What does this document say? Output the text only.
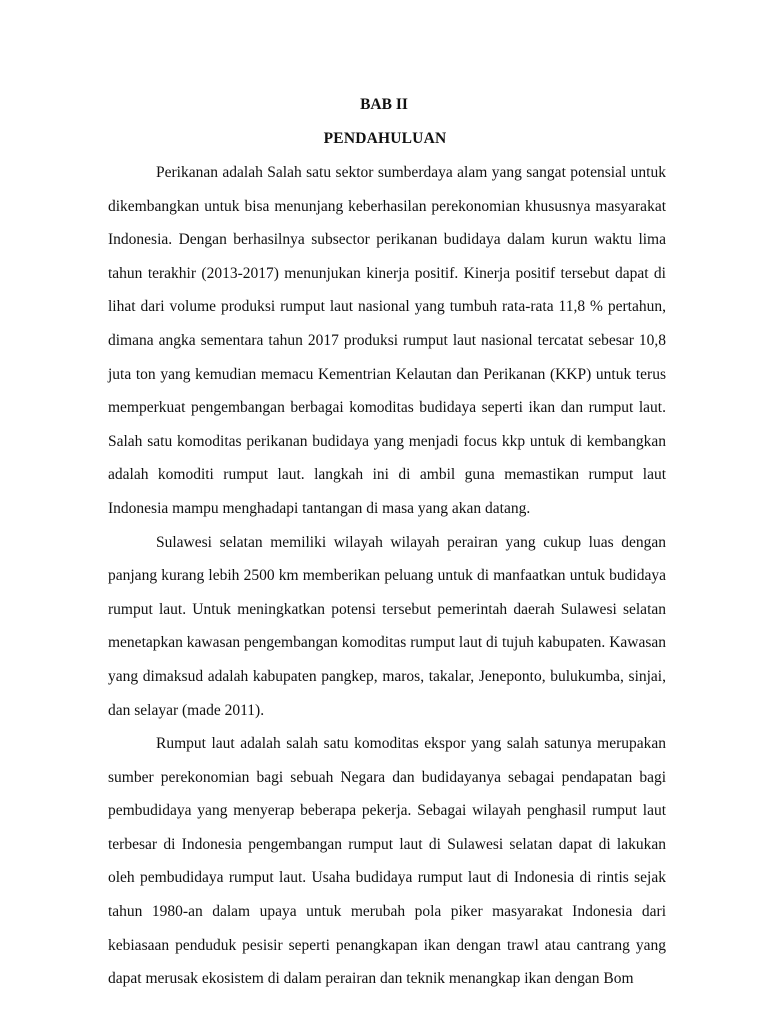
BAB II
PENDAHULUAN

Perikanan adalah Salah satu sektor sumberdaya alam yang sangat potensial untuk dikembangkan untuk bisa menunjang keberhasilan perekonomian khususnya masyarakat Indonesia. Dengan berhasilnya subsector perikanan budidaya dalam kurun waktu lima tahun terakhir (2013-2017) menunjukan kinerja positif. Kinerja positif tersebut dapat di lihat dari volume produksi rumput laut nasional yang tumbuh rata-rata 11,8 % pertahun, dimana angka sementara tahun 2017 produksi rumput laut nasional tercatat sebesar 10,8 juta ton yang kemudian memacu Kementrian Kelautan dan Perikanan (KKP) untuk terus memperkuat pengembangan berbagai komoditas budidaya seperti ikan dan rumput laut. Salah satu komoditas perikanan budidaya yang menjadi focus kkp untuk di kembangkan adalah komoditi rumput laut. langkah ini di ambil guna memastikan rumput laut Indonesia mampu menghadapi tantangan di masa yang akan datang.

Sulawesi selatan memiliki wilayah wilayah perairan yang cukup luas dengan panjang kurang lebih 2500 km memberikan peluang untuk di manfaatkan untuk budidaya rumput laut. Untuk meningkatkan potensi tersebut pemerintah daerah Sulawesi selatan menetapkan kawasan pengembangan komoditas rumput laut di tujuh kabupaten. Kawasan yang dimaksud adalah kabupaten pangkep, maros, takalar, Jeneponto, bulukumba, sinjai, dan selayar (made 2011).

Rumput laut adalah salah satu komoditas ekspor yang salah satunya merupakan sumber perekonomian bagi sebuah Negara dan budidayanya sebagai pendapatan bagi pembudidaya yang menyerap beberapa pekerja. Sebagai wilayah penghasil rumput laut terbesar di Indonesia pengembangan rumput laut di Sulawesi selatan dapat di lakukan oleh pembudidaya rumput laut. Usaha budidaya rumput laut di Indonesia di rintis sejak tahun 1980-an dalam upaya untuk merubah pola piker masyarakat Indonesia dari kebiasaan penduduk pesisir seperti penangkapan ikan dengan trawl atau cantrang yang dapat merusak ekosistem di dalam perairan dan teknik menangkap ikan dengan Bom
